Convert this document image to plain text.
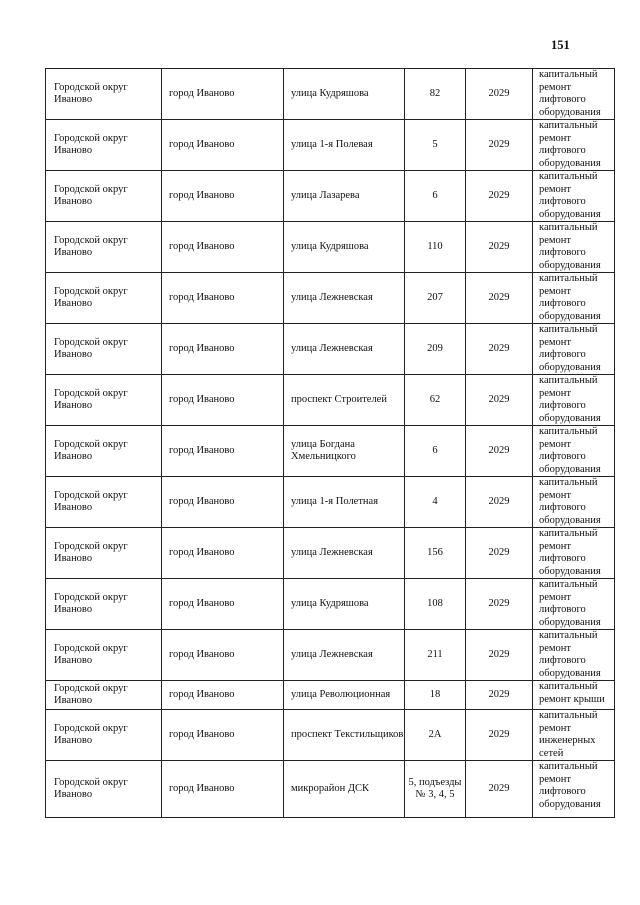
151
Городской округ Иваново	город Иваново	улица Кудряшова	82	2029	капитальный ремонт лифтового оборудования
Городской округ Иваново	город Иваново	улица 1-я Полевая	5	2029	капитальный ремонт лифтового оборудования
Городской округ Иваново	город Иваново	улица Лазарева	6	2029	капитальный ремонт лифтового оборудования
Городской округ Иваново	город Иваново	улица Кудряшова	110	2029	капитальный ремонт лифтового оборудования
Городской округ Иваново	город Иваново	улица Лежневская	207	2029	капитальный ремонт лифтового оборудования
Городской округ Иваново	город Иваново	улица Лежневская	209	2029	капитальный ремонт лифтового оборудования
Городской округ Иваново	город Иваново	проспект Строителей	62	2029	капитальный ремонт лифтового оборудования
Городской округ Иваново	город Иваново	улица Богдана Хмельницкого	6	2029	капитальный ремонт лифтового оборудования
Городской округ Иваново	город Иваново	улица 1-я Полетная	4	2029	капитальный ремонт лифтового оборудования
Городской округ Иваново	город Иваново	улица Лежневская	156	2029	капитальный ремонт лифтового оборудования
Городской округ Иваново	город Иваново	улица Кудряшова	108	2029	капитальный ремонт лифтового оборудования
Городской округ Иваново	город Иваново	улица Лежневская	211	2029	капитальный ремонт лифтового оборудования
Городской округ Иваново	город Иваново	улица Революционная	18	2029	капитальный ремонт крыши
Городской округ Иваново	город Иваново	проспект Текстильщиков	2А	2029	капитальный ремонт инженерных сетей
Городской округ Иваново	город Иваново	микрорайон ДСК	5, подъезды № 3, 4, 5	2029	капитальный ремонт лифтового оборудования
